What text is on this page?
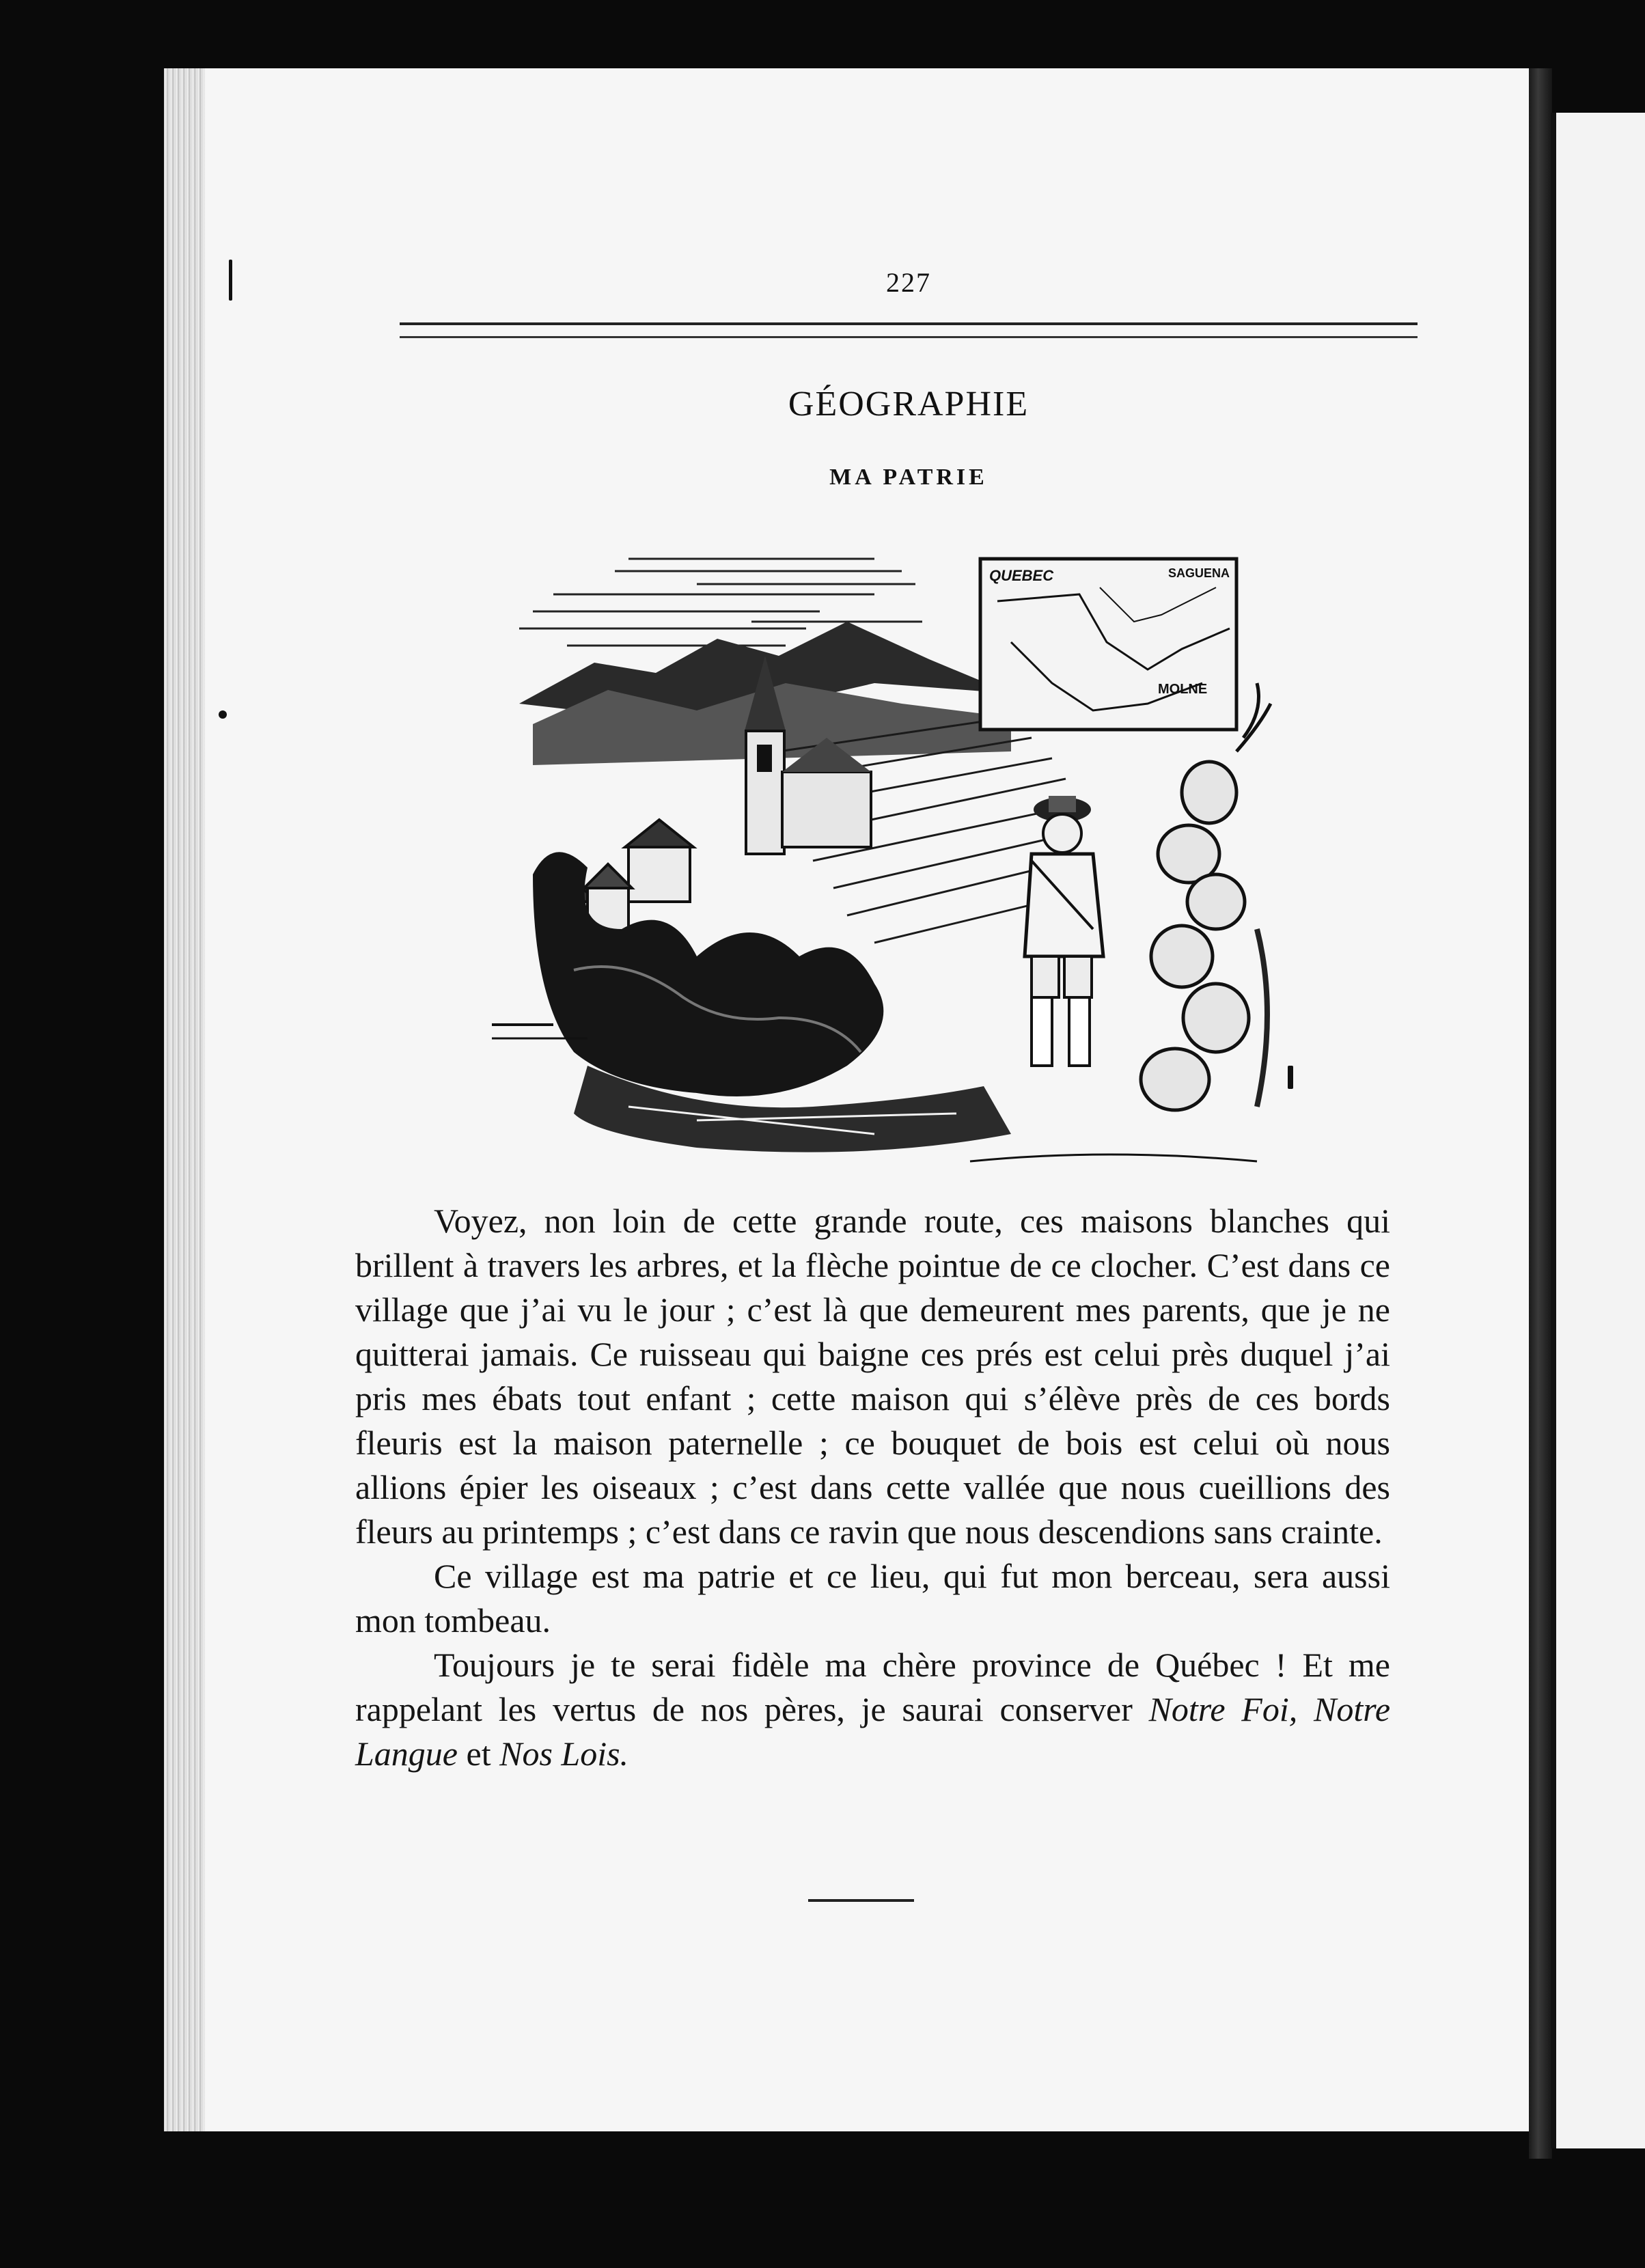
227
GÉOGRAPHIE
MA PATRIE
QUEBEC	SAGUENA
MOLNE

Voyez, non loin de cette grande route, ces maisons blanches qui brillent à travers les arbres, et la flèche pointue de ce clocher. C’est dans ce village que j’ai vu le jour ; c’est là que demeurent mes parents, que je ne quitterai jamais. Ce ruisseau qui baigne ces prés est celui près duquel j’ai pris mes ébats tout enfant ; cette maison qui s’élève près de ces bords fleuris est la maison paternelle ; ce bouquet de bois est celui où nous allions épier les oiseaux ; c’est dans cette vallée que nous cueillions des fleurs au printemps ; c’est dans ce ravin que nous descendions sans crainte.

Ce village est ma patrie et ce lieu, qui fut mon berceau, sera aussi mon tombeau.

Toujours je te serai fidèle ma chère province de Québec ! Et me rappelant les vertus de nos pères, je saurai conserver Notre Foi, Notre Langue et Nos Lois.
